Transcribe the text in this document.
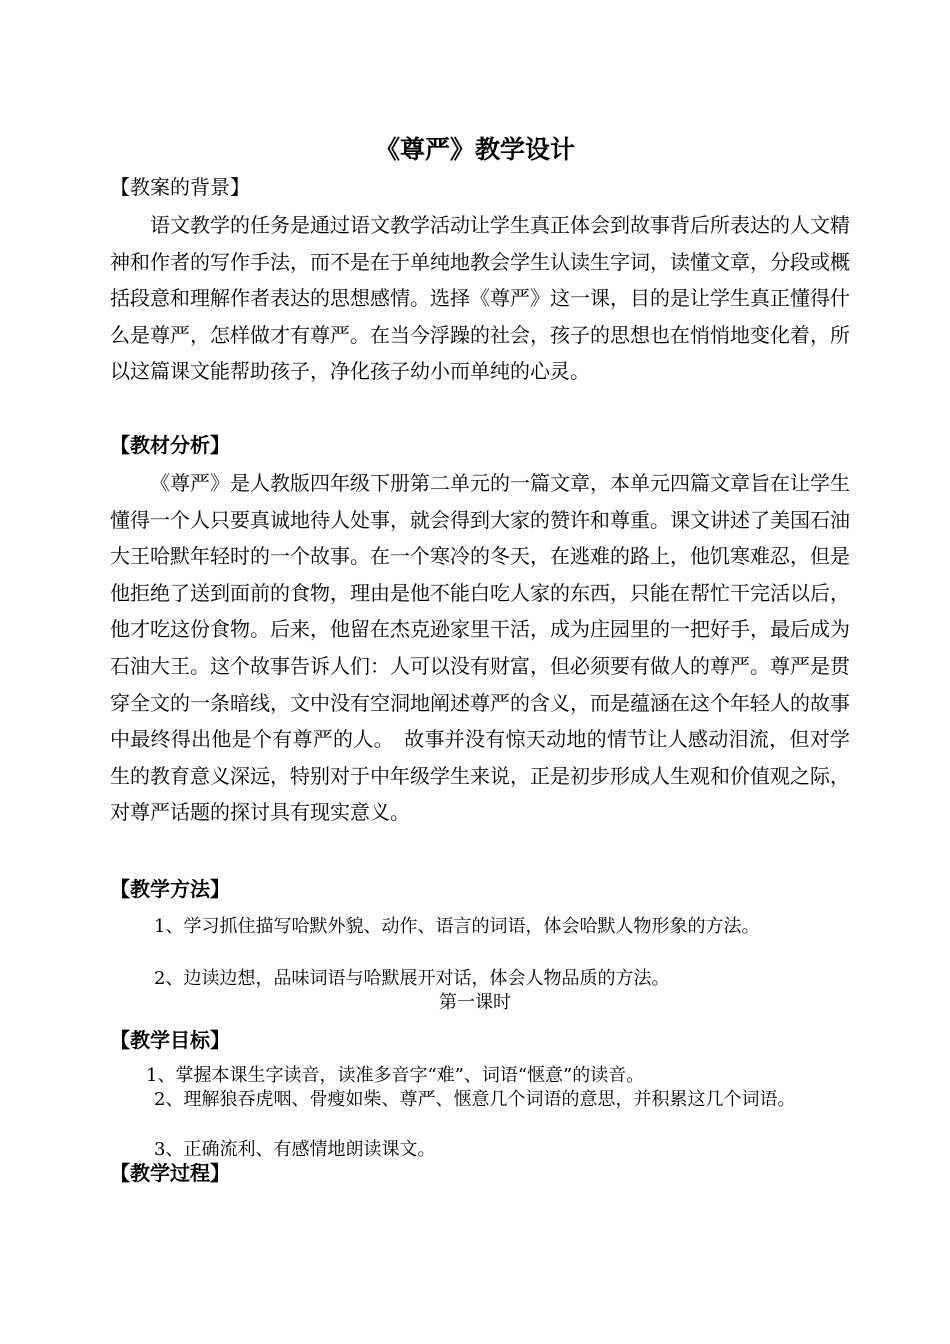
《尊严》教学设计
【教案的背景】
语文教学的任务是通过语文教学活动让学生真正体会到故事背后所表达的人文精神和作者的写作手法，而不是在于单纯地教会学生认读生字词，读懂文章，分段或概括段意和理解作者表达的思想感情。选择《尊严》这一课，目的是让学生真正懂得什么是尊严，怎样做才有尊严。在当今浮躁的社会，孩子的思想也在悄悄地变化着，所以这篇课文能帮助孩子，净化孩子幼小而单纯的心灵。
【教材分析】
《尊严》是人教版四年级下册第二单元的一篇文章，本单元四篇文章旨在让学生懂得一个人只要真诚地待人处事，就会得到大家的赞许和尊重。课文讲述了美国石油大王哈默年轻时的一个故事。在一个寒冷的冬天，在逃难的路上，他饥寒难忍，但是他拒绝了送到面前的食物，理由是他不能白吃人家的东西，只能在帮忙干完活以后，他才吃这份食物。后来，他留在杰克逊家里干活，成为庄园里的一把好手，最后成为石油大王。这个故事告诉人们：人可以没有财富，但必须要有做人的尊严。尊严是贯穿全文的一条暗线，文中没有空洞地阐述尊严的含义，而是蕴涵在这个年轻人的故事中最终得出他是个有尊严的人。　故事并没有惊天动地的情节让人感动泪流，但对学生的教育意义深远，特别对于中年级学生来说，正是初步形成人生观和价值观之际，对尊严话题的探讨具有现实意义。
【教学方法】
1、学习抓住描写哈默外貌、动作、语言的词语，体会哈默人物形象的方法。
2、边读边想，品味词语与哈默展开对话，体会人物品质的方法。
第一课时
【教学目标】
1、掌握本课生字读音，读准多音字“难”、词语“惬意”的读音。
2、理解狼吞虎咽、骨瘦如柴、尊严、惬意几个词语的意思，并积累这几个词语。
3、正确流利、有感情地朗读课文。
【教学过程】
